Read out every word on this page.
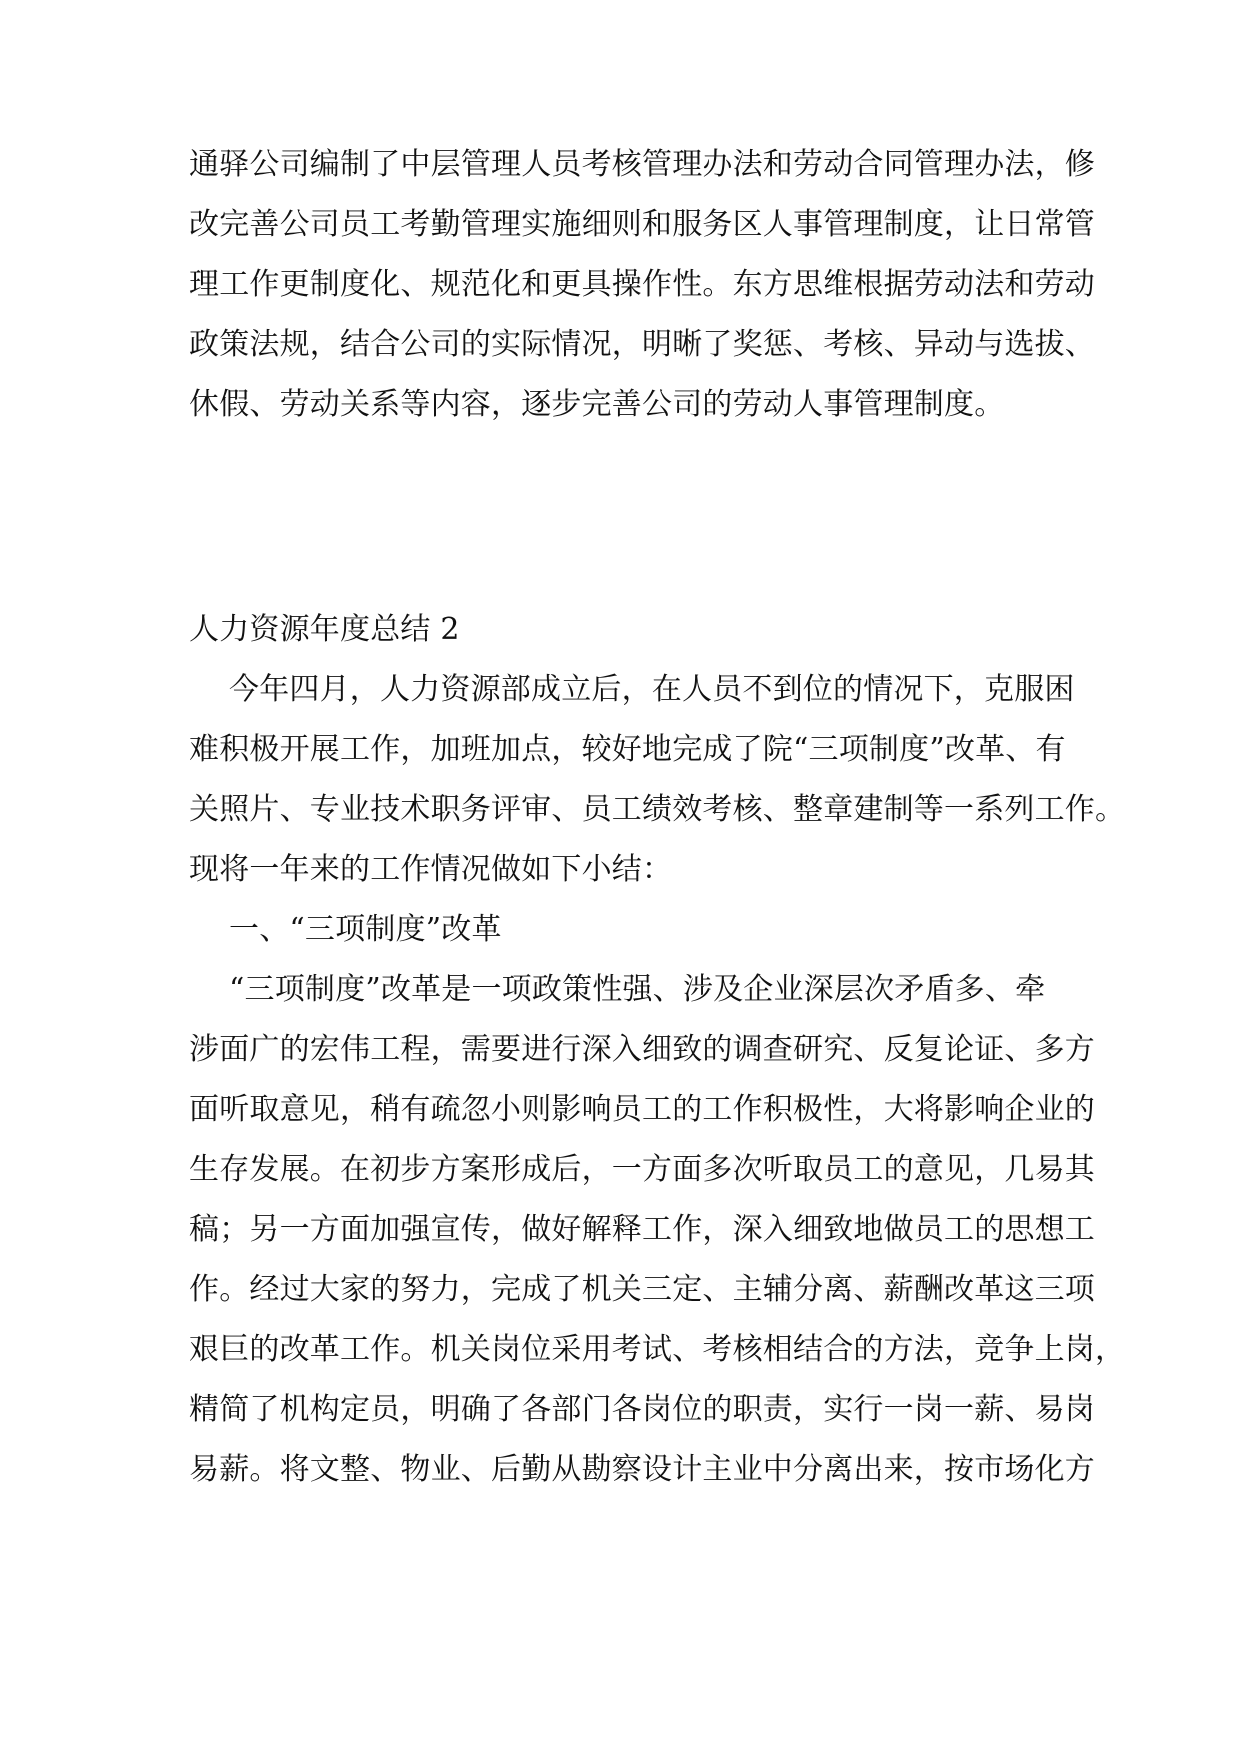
通驿公司编制了中层管理人员考核管理办法和劳动合同管理办法，修
改完善公司员工考勤管理实施细则和服务区人事管理制度，让日常管
理工作更制度化、规范化和更具操作性。东方思维根据劳动法和劳动
政策法规，结合公司的实际情况，明晰了奖惩、考核、异动与选拔、
休假、劳动关系等内容，逐步完善公司的劳动人事管理制度。
人力资源年度总结 2
今年四月，人力资源部成立后，在人员不到位的情况下，克服困
难积极开展工作，加班加点，较好地完成了院“三项制度”改革、有
关照片、专业技术职务评审、员工绩效考核、整章建制等一系列工作。
现将一年来的工作情况做如下小结：
一、“三项制度”改革
“三项制度”改革是一项政策性强、涉及企业深层次矛盾多、牵
涉面广的宏伟工程，需要进行深入细致的调查研究、反复论证、多方
面听取意见，稍有疏忽小则影响员工的工作积极性，大将影响企业的
生存发展。在初步方案形成后，一方面多次听取员工的意见，几易其
稿；另一方面加强宣传，做好解释工作，深入细致地做员工的思想工
作。经过大家的努力，完成了机关三定、主辅分离、薪酬改革这三项
艰巨的改革工作。机关岗位采用考试、考核相结合的方法，竞争上岗，
精简了机构定员，明确了各部门各岗位的职责，实行一岗一薪、易岗
易薪。将文整、物业、后勤从勘察设计主业中分离出来，按市场化方
